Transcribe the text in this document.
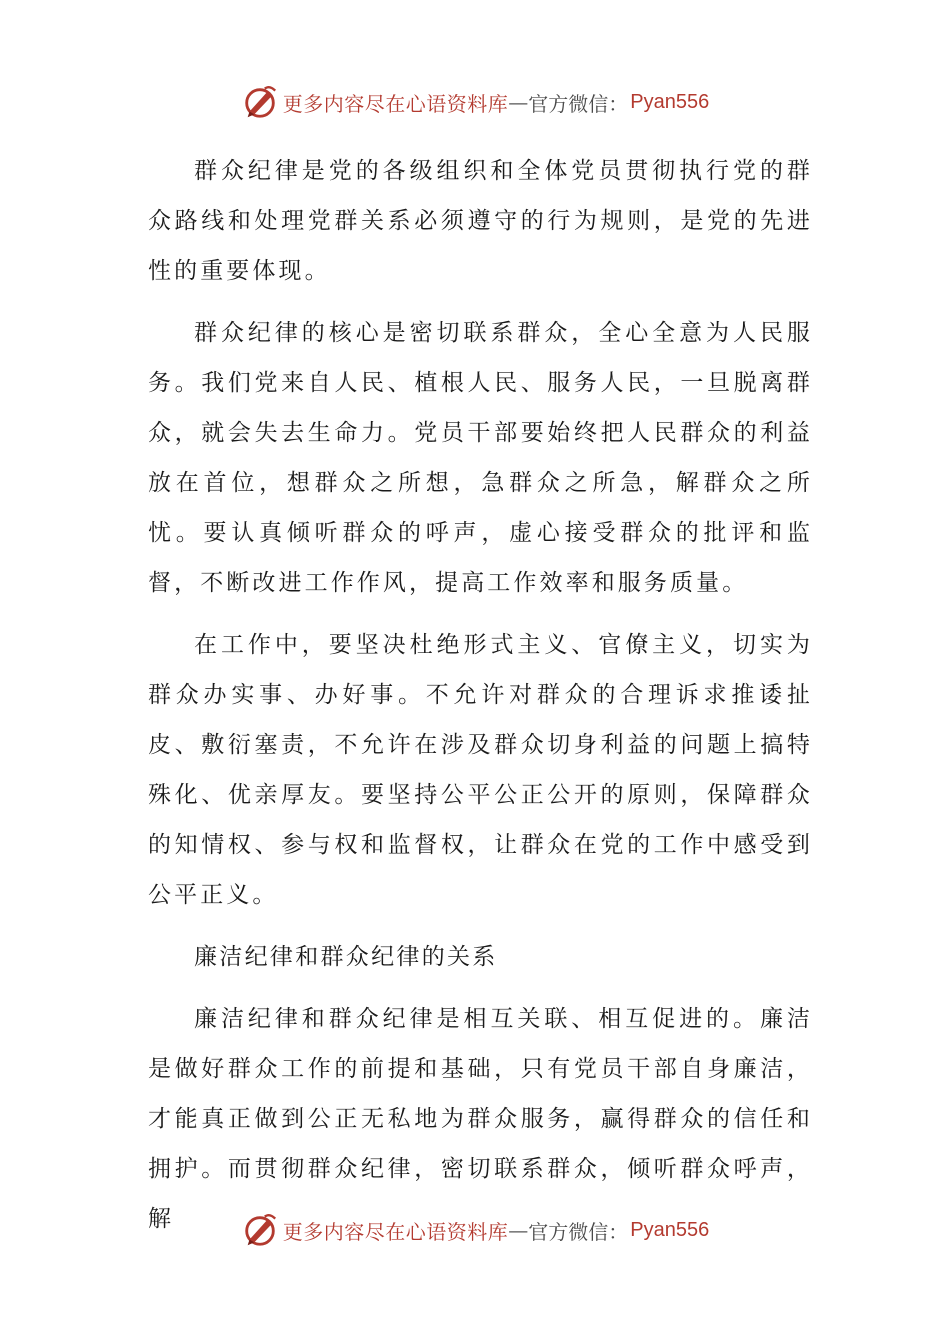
更多内容尽在心语资料库 — 官方微信： Pyan556

群众纪律是党的各级组织和全体党员贯彻执行党的群众路线和处理党群关系必须遵守的行为规则，是党的先进性的重要体现。

群众纪律的核心是密切联系群众，全心全意为人民服务。我们党来自人民、植根人民、服务人民，一旦脱离群众，就会失去生命力。党员干部要始终把人民群众的利益放在首位，想群众之所想，急群众之所急，解群众之所忧。要认真倾听群众的呼声，虚心接受群众的批评和监督，不断改进工作作风，提高工作效率和服务质量。

在工作中，要坚决杜绝形式主义、官僚主义，切实为群众办实事、办好事。不允许对群众的合理诉求推诿扯皮、敷衍塞责，不允许在涉及群众切身利益的问题上搞特殊化、优亲厚友。要坚持公平公正公开的原则，保障群众的知情权、参与权和监督权，让群众在党的工作中感受到公平正义。

廉洁纪律和群众纪律的关系

廉洁纪律和群众纪律是相互关联、相互促进的。廉洁是做好群众工作的前提和基础，只有党员干部自身廉洁，才能真正做到公正无私地为群众服务，赢得群众的信任和拥护。而贯彻群众纪律，密切联系群众，倾听群众呼声，解	更多内容尽在心语资料库 — 官方微信： Pyan556
